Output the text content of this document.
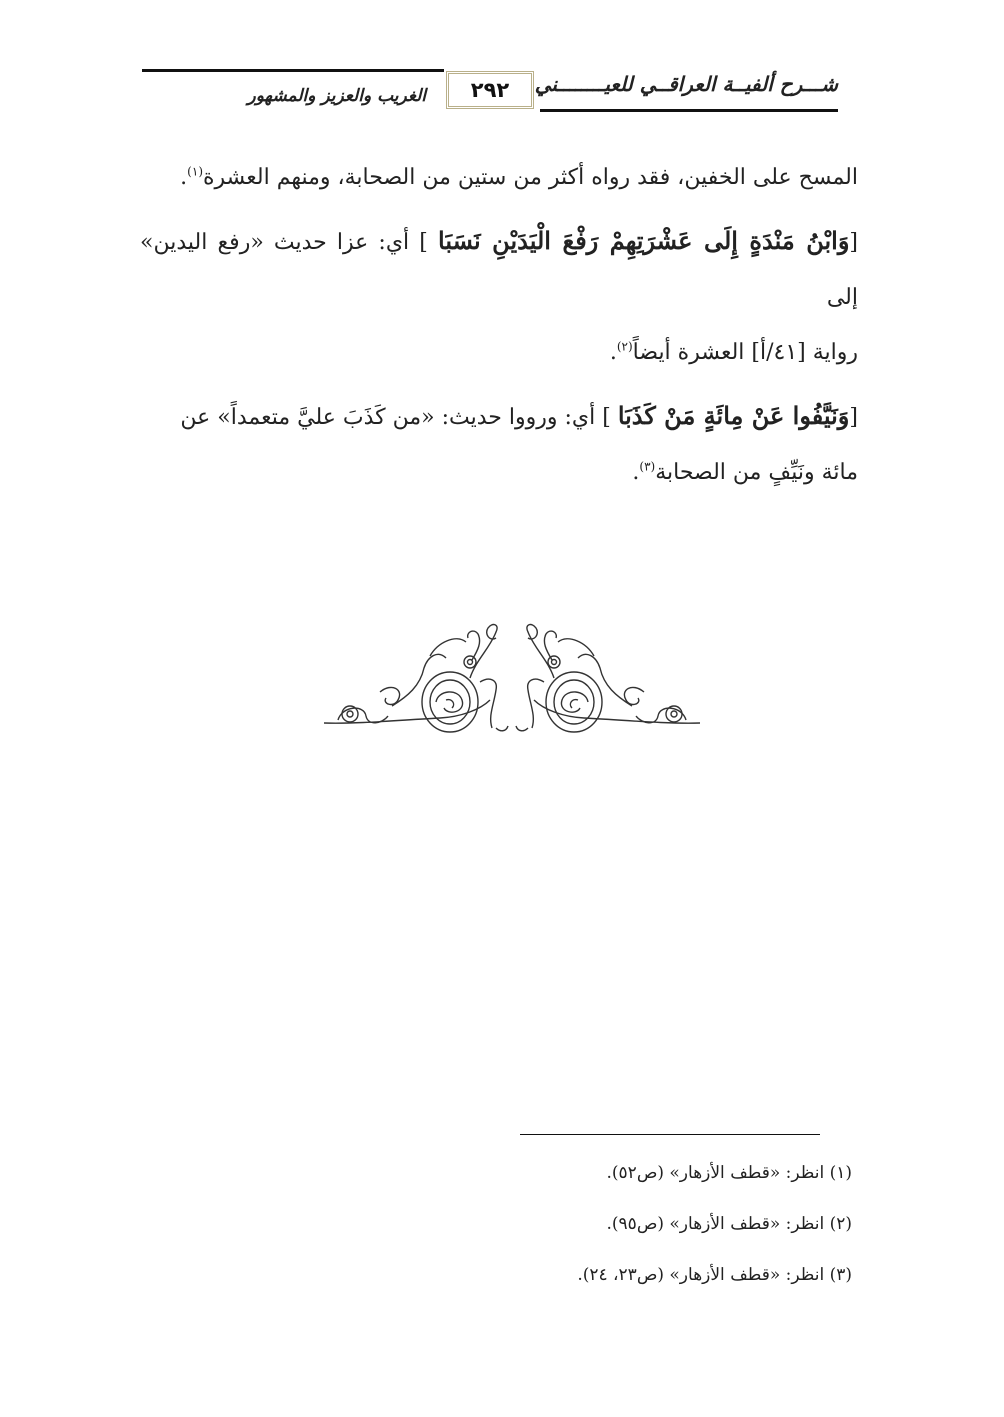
شـــرح ألفيــة العراقــي للعيــــــــني
٢٩٢
الغريب والعزيز والمشهور

المسح على الخفين، فقد رواه أكثر من ستين من الصحابة، ومنهم العشرة$^{(١)}$.

[وَابْنُ مَنْدَةٍ إِلَى عَشْرَتِهِمْ رَفْعَ الْيَدَيْنِ نَسَبَا ] أي: عزا حديث «رفع اليدين» إلى
رواية [٤١/أ] العشرة أيضاً$^{(٢)}$.

[وَنَيَّفُوا عَنْ مِائَةٍ مَنْ كَذَبَا ] أي: ورووا حديث: «من كَذَبَ عليَّ متعمداً» عن
مائة ونَيِّفٍ من الصحابة$^{(٣)}$.

(١) انظر: «قطف الأزهار» (ص٥٢).
(٢) انظر: «قطف الأزهار» (ص٩٥).
(٣) انظر: «قطف الأزهار» (ص٢٣، ٢٤).
